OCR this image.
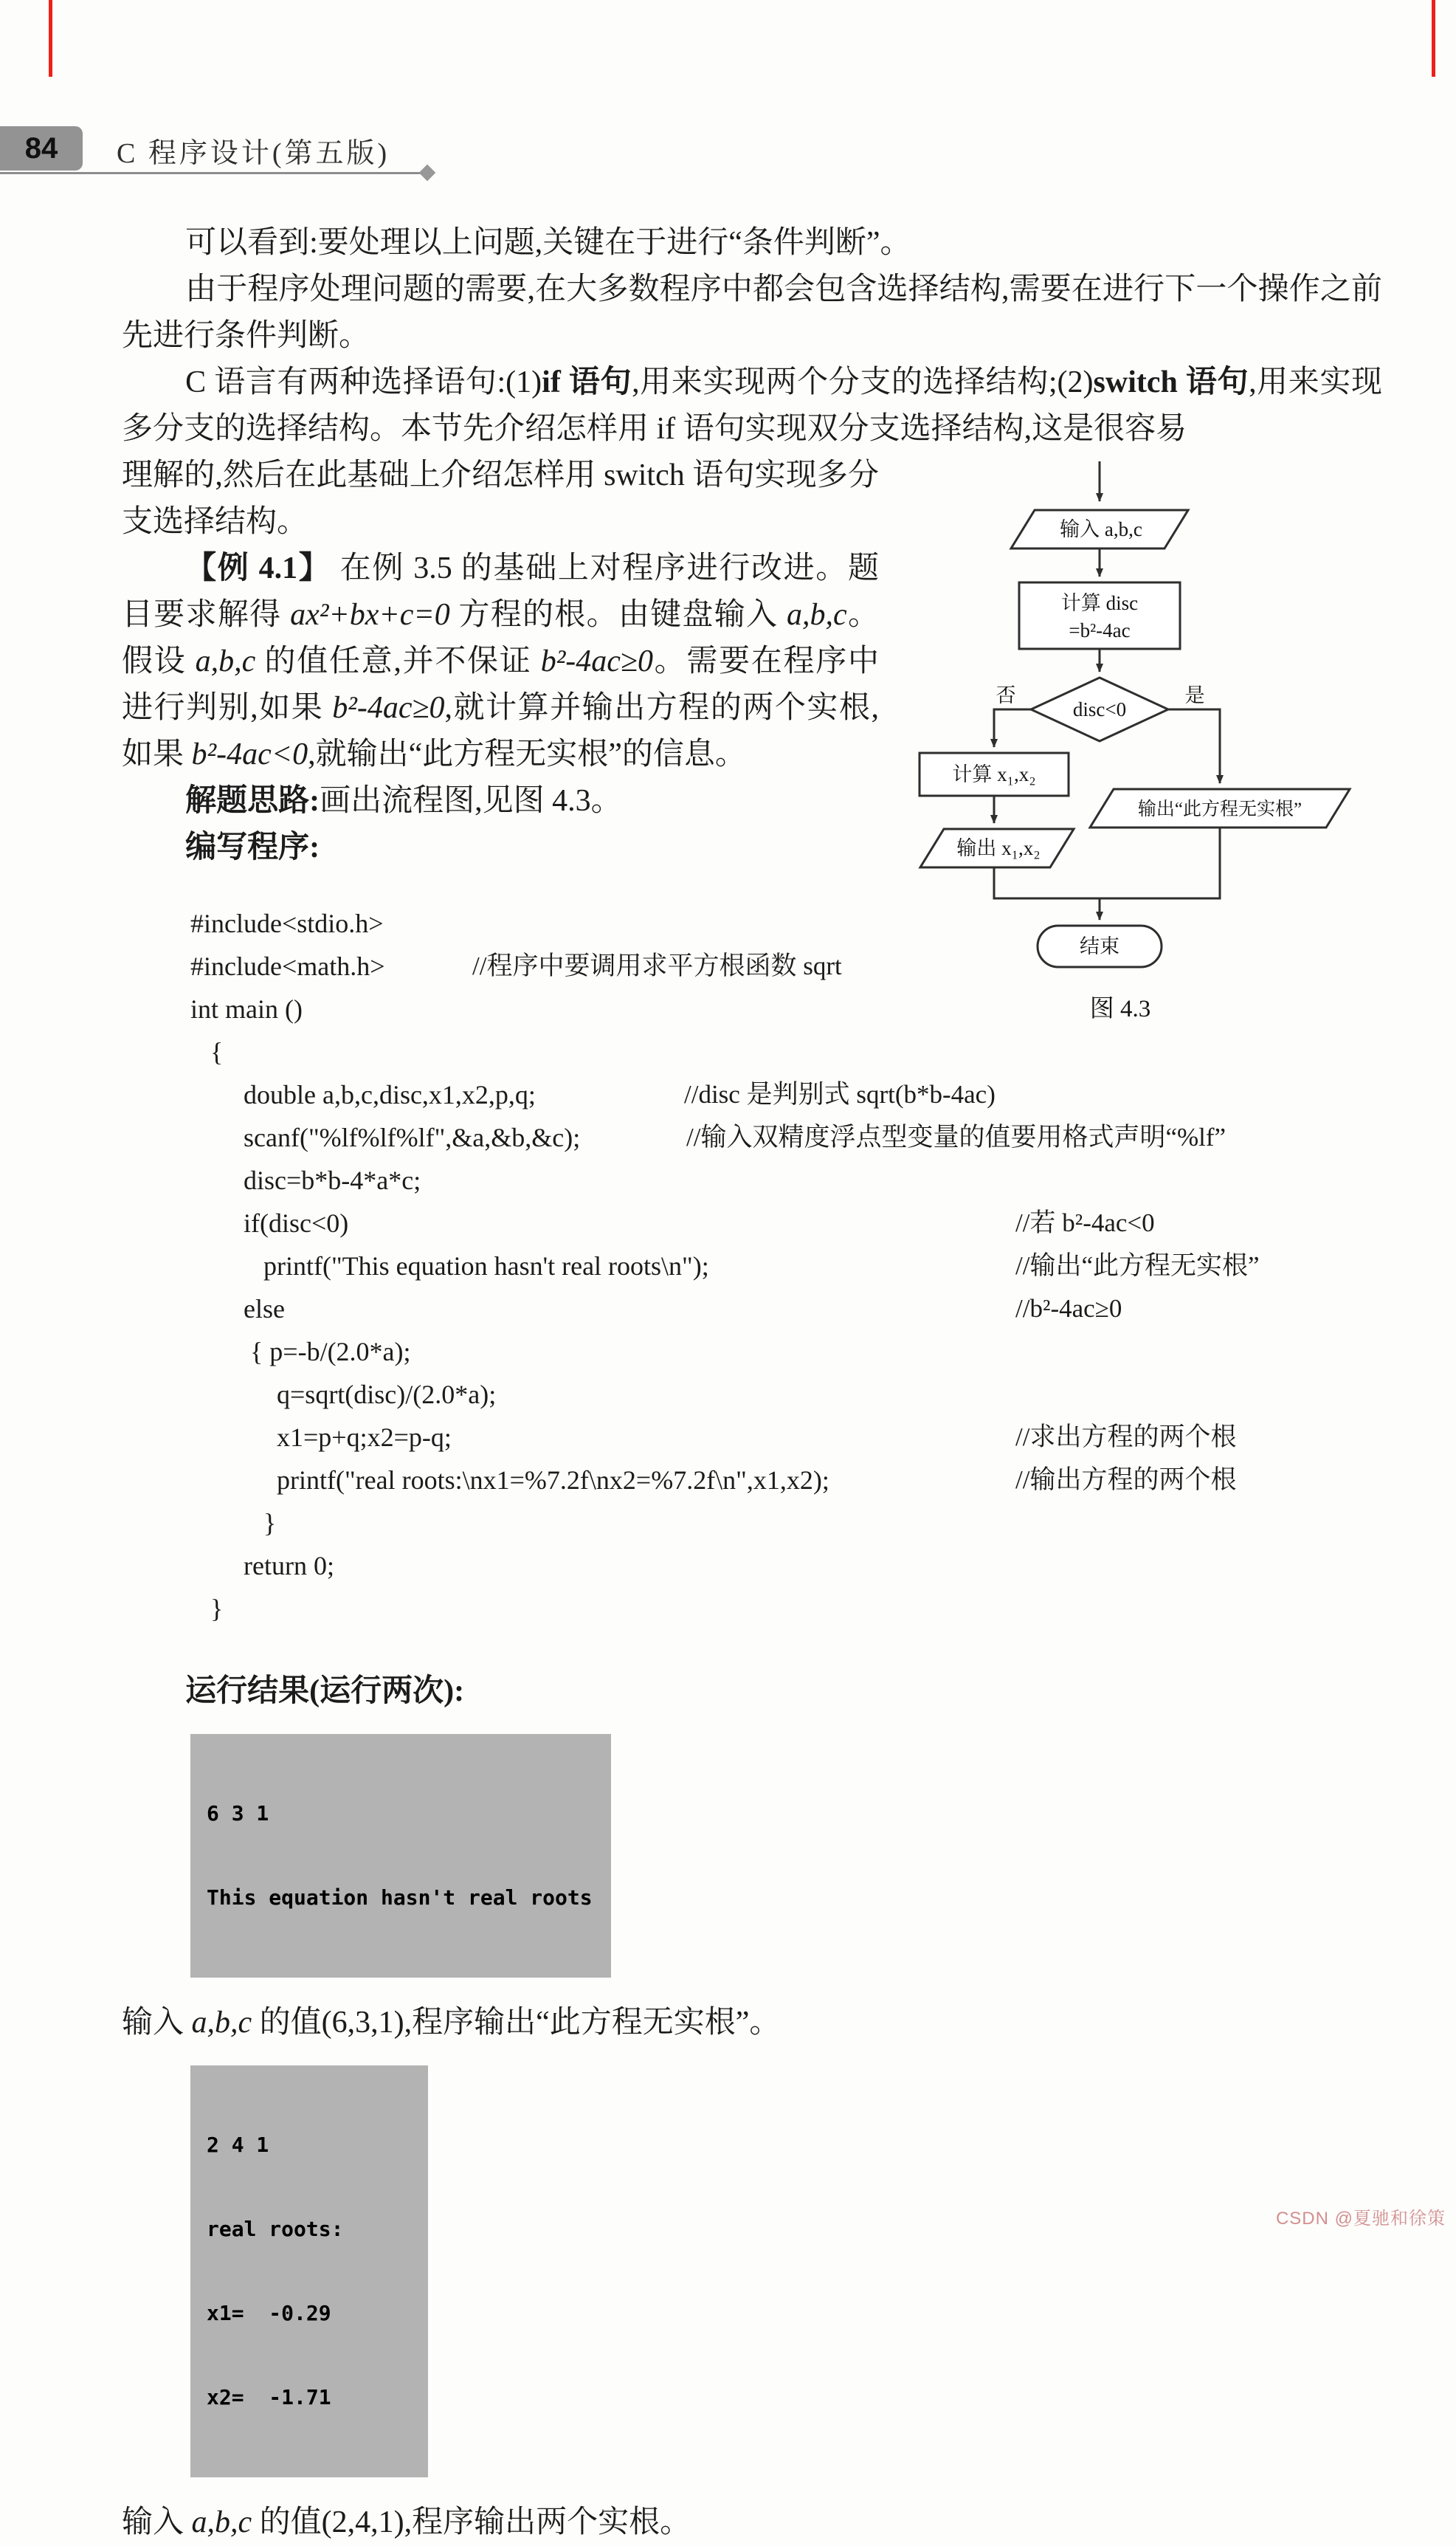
84 C 程序设计(第五版)

可以看到:要处理以上问题,关键在于进行“条件判断”。

由于程序处理问题的需要,在大多数程序中都会包含选择结构,需要在进行下一个操作之前先进行条件判断。

C 语言有两种选择语句:(1)if 语句,用来实现两个分支的选择结构;(2)switch 语句,用来实现多分支的选择结构。本节先介绍怎样用 if 语句实现双分支选择结构,这是很容易

输入 a,b,c
计算 disc
=b²-4ac
disc<0
否	是
计算 x₁,x₂
输出 x₁,x₂
输出“此方程无实根”
结束
图 4.3

理解的,然后在此基础上介绍怎样用 switch 语句实现多分支选择结构。

【例 4.1】 在例 3.5 的基础上对程序进行改进。题目要求解得 ax²+bx+c=0 方程的根。由键盘输入 a,b,c。假设 a,b,c 的值任意,并不保证 b²-4ac≥0。需要在程序中进行判别,如果 b²-4ac≥0,就计算并输出方程的两个实根,如果 b²-4ac<0,就输出“此方程无实根”的信息。

解题思路:画出流程图,见图 4.3。

编写程序:

#include<stdio.h>
#include<math.h>	//程序中要调用求平方根函数 sqrt
int main ()
{
double a,b,c,disc,x1,x2,p,q;	//disc 是判别式 sqrt(b*b-4ac)
scanf("%lf%lf%lf",&a,&b,&c);	//输入双精度浮点型变量的值要用格式声明“%lf”
disc=b*b-4*a*c;
if(disc<0)	//若 b²-4ac<0
printf("This equation hasn't real roots\n");	//输出“此方程无实根”
else	//b²-4ac≥0
{ p=-b/(2.0*a);
q=sqrt(disc)/(2.0*a);
x1=p+q;x2=p-q;	//求出方程的两个根
printf("real roots:\nx1=%7.2f\nx2=%7.2f\n",x1,x2);	//输出方程的两个根
}
return 0;
}

运行结果(运行两次):

6 3 1

This equation hasn't real roots

输入 a,b,c 的值(6,3,1),程序输出“此方程无实根”。

2 4 1

real roots:

x1=  -0.29

x2=  -1.71

输入 a,b,c 的值(2,4,1),程序输出两个实根。

CSDN @夏驰和徐策
